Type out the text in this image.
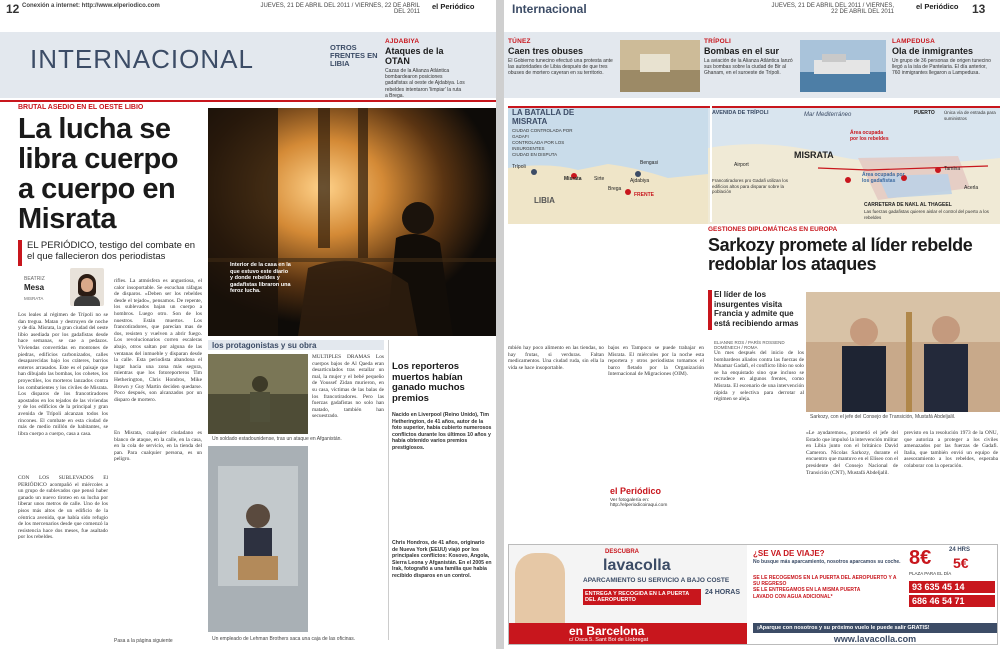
12 Conexión a internet: http://www.elperiodico.com	JUEVES, 21 DE ABRIL DEL 2011 / VIERNES, 22 DE ABRIL DEL 2011
el Periódico
INTERNACIONAL	OTROS FRENTES EN LIBIA
AJDABIYA
Ataques de la OTAN
Cazas de la Alianza Atlántica bombardearon posiciones gadafistas al oeste de Ajdabiya. Los rebeldes intentaron 'limpiar' la ruta a Brega.
BRUTAL ASEDIO EN EL OESTE LIBIO
La lucha se libra cuerpo a cuerpo en Misrata
EL PERIÓDICO, testigo del combate en el que fallecieron dos periodistas
BEATRIZ
Mesa
MISRATA
Los leales al régimen de Trípoli no se dan tregua. Matan y destruyen de noche y de día. Misrata, la gran ciudad del oeste libio asediada por los gadafistas desde hace semanas, se cae a pedazos. Viviendas convertidas en montones de piedras, edificios carbonizados, calles desaparecidas bajo los cráteres, barrios enteros arrasados. Este es el paisaje que han dibujado las bombas, los cohetes, los proyectiles, los morteros lanzados contra los combatientes y los civiles de Misrata. Los disparos de los francotiradores apostados en los tejados de las viviendas y de los edificios de la principal y gran avenida de Trípoli alcanzan todos los rincones. El combate en esta ciudad de más de medio millón de habitantes, se libra cuerpo a cuerpo, casa a casa.
CON LOS SUBLEVADOS El PERIÓDICO acompañó el miércoles a un grupo de sublevados que pensó haber ganado un nuevo tiroteo en su lucha por liberar unos metros de calle. Uno de los pisos más altos de un edificio de la céntrica avenida, que había sido refugio de los mercenarios desde que comenzó la resistencia hace dos meses, fue asaltado por los rebeldes.
rifles. La atmósfera es angustiosa, el calor insoportable. Se escuchan ráfagas de disparos. «Deben ser los rebeldes desde el tejado», pensamos. De repente, los sublevados bajan un cuerpo a hombros. Luego otro. Son de los nuestros. Están muertos. Los francotiradores, que parecían mas de dos, resisten y vuelven a abrir fuego. Los revolucionarios corren escaleras abajo, otros saltan por alguna de las ventanas del inmueble y disparan desde la calle. Esta periodista abandona el lugar hacia una zona más segura, mientras que los fotoreporteros Tim Hetherington, Chris Hondros, Mike Brown y Guy Martin deciden quedarse. Poco después, son alcanzados por un disparo de mortero.
En Misrata, cualquier ciudadano es blanco de ataque, en la calle, en la casa, en la cola de servicio, en la tienda del pan. Para cualquier persona, es un peligro.
Interior de la casa en la que estuvo este diario y donde rebeldes y gadafistas libraron una feroz lucha.
los protagonistas y su obra
Un soldado estadounidense, tras un ataque en Afganistán.
MÚLTIPLES DRAMAS Los cuerpos bajos de Al Qaeda eran desarticulados tras estallar un mal, la mujer y el bebé pequeño de Youssef Zidan murieron, en su casa, víctimas de las balas de los francotiradores. Pero las fuerzas gadafistas no solo han matado, también han secuestrado.
Un empleado de Lehman Brothers saca una caja de las oficinas.
Los reporteros muertos habían ganado muchos premios
Nacido en Liverpool (Reino Unido), Tim Hetherington, de 41 años, autor de la foto superior, había cubierto numerosos conflictos durante los últimos 10 años y había obtenido varios premios prestigiosos.
Chris Hondros, de 41 años, originario de Nueva York (EEUU) viajó por los principales conflictos: Kosovo, Angola, Sierra Leona y Afganistán. En el 2005 en Irak, fotografió a una familia que había recibido disparos en un control.
Pasa a la página siguiente
Internacional	JUEVES, 21 DE ABRIL DEL 2011 / VIERNES, 22 DE ABRIL DEL 2011
el Periódico 13
TÚNEZ
Caen tres obuses
El Gobierno tunecino efectuó una protesta ante las autoridades de Libia después de que tres obuses de mortero cayeran en su territorio.
TRÍPOLI
Bombas en el sur
La aviación de la Alianza Atlántica lanzó sus bombas sobre la ciudad de Bir al Ghanam, en el suroeste de Trípoli.
LAMPEDUSA
Ola de inmigrantes
Un grupo de 36 personas de origen tunecino llegó a la isla de Pantelaria. El día anterior, 760 inmigrantes llegaron a Lampedusa.
AVENIDA DE TRÍPOLI	Mar Mediterráneo
Área ocupada por los rebeldes
MISRATA
Área ocupada por los gadafistas
PUERTO Única vía de entrada para suministros
Acerla
Tamina
Airport
Francotiradores pro Gadafi utilizan los edificios altos para disparar sobre la población
CARRETERA DE NAKL AL THAGEEL
Las fuerzas gadafistas quieren aislar el control del puerto a los rebeldes
LA BATALLA DE MISRATA
CIUDAD CONTROLADA POR GADAFI
CONTROLADA POR LOS INSURGENTES
CIUDAD EN DISPUTA
Trípoli
Misrata
Bengasi
Ajdabiya
Brega
Sirte
LIBIA
FRENTE
GESTIONES DIPLOMÁTICAS EN EUROPA
Sarkozy promete al líder rebelde redoblar los ataques
El líder de los insurgentes visita Francia y admite que está recibiendo armas
ELIANNE ROS / PARÍS ROSSEND DOMÈNECH / ROMA
Un mes después del inicio de los bombardeos aliados contra las fuerzas de Muamar Gadafi, el conflicto libio no solo se ha enquistado sino que incluso se recrudece en algunos frentes, como Misrata. El escenario de una intervención rápida y selectiva para derrotar al régimen se aleja.
Sarkozy, con el jefe del Consejo de Transición, Mustafá Abdeljalil.
«Le ayudaremos», prometió el jefe del Estado que impulsó la intervención militar en Libia junto con el británico David Cameron. Nicolas Sarkozy, durante el encuentro que mantuvo en el Elíseo con el presidente del Consejo Nacional de Transición (CNT), Mustafá Abdeljalil.
previsto en la resolución 1973 de la ONU, que autoriza a proteger a los civiles amenazados por las fuerzas de Gadafi. Italia, que también envió un equipo de asesoramiento a los rebeldes, esperaba colaborar con la operación.
mbién hay poco alimento en las tiendas, no hay frutas, si verduras. Faltan medicamentos. Una ciudad ruda, sin ella la vida se hace insoportable.
bajos en Tampoco se puede trabajar en Misrata. El miércoles por la noche esta reportera y otros periodistas tomamos el barco fletado por la Organización Internacional de Migraciones (OIM).
el Periódico
Ver fotogalería en: http://elperiodicoiraqui.com
DESCUBRA
lavacolla
APARCAMIENTO SU SERVICIO A BAJO COSTE
ENTREGA Y RECOGIDA EN LA PUERTA DEL AEROPUERTO
24 HORAS
en Barcelona
c/ Osca 5. Sant Boi de Llobregat
¿SE VA DE VIAJE?
No busque más aparcamiento, nosotros aparcamos su coche.
SE LE RECOGEMOS EN LA PUERTA DEL AEROPUERTO Y A SU REGRESO
SE LE ENTREGAMOS EN LA MISMA PUERTA
LAVADO CON AGUA ADICIONAL*
8€	24 HRS
5€
PLAZA PARA EL DÍA
93 635 45 14
686 46 54 71
¡Aparque con nosotros y su próximo vuelo le puede salir GRATIS!
www.lavacolla.com
